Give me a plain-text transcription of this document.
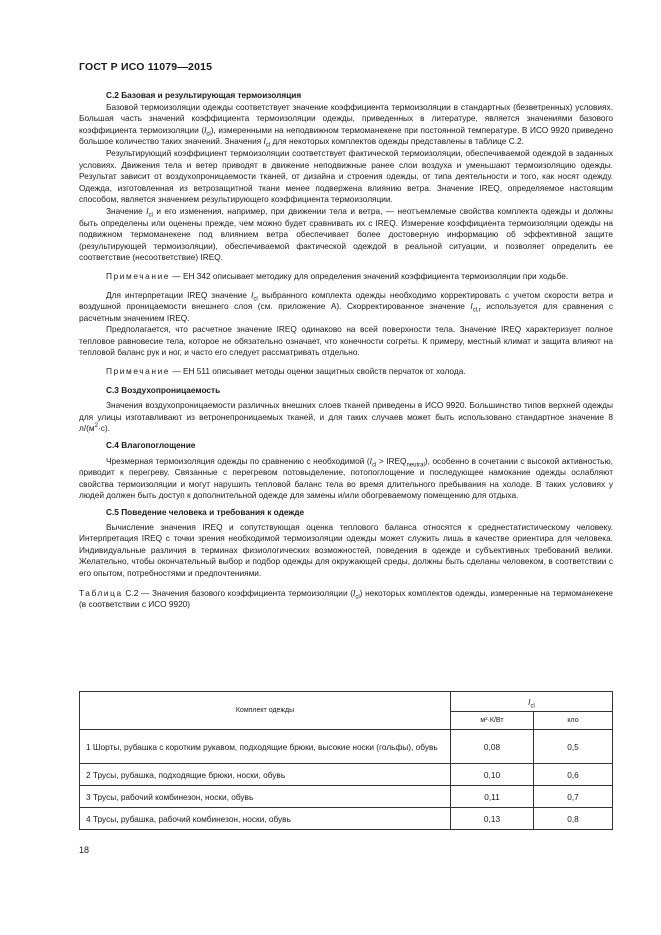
ГОСТ Р ИСО 11079—2015

С.2 Базовая и результирующая термоизоляция

Базовой термоизоляции одежды соответствует значение коэффициента термоизоляции в стандартных (безветренных) условиях. Большая часть значений коэффициента термоизоляции одежды, приведенных в литературе, является значениями базового коэффициента термоизоляции $(I_{cl})$, измеренными на неподвижном термоманекене при постоянной температуре. В ИСО 9920 приведено большое количество таких значений. Значения $I_{cl}$ для некоторых комплектов одежды представлены в таблице С.2.

Результирующий коэффициент термоизоляции соответствует фактической термоизоляции, обеспечиваемой одеждой в заданных условиях. Движения тела и ветер приводят в движение неподвижные ранее слои воздуха и уменьшают термоизоляцию одежды. Результат зависит от воздухопроницаемости тканей, от дизайна и строения одежды, от типа деятельности и того, как носят одежду. Одежда, изготовленная из ветрозащитной ткани менее подвержена влиянию ветра. Значение IREQ, определяемое настоящим способом, является значением результирующего коэффициента термоизоляции.

Значение $I_{cl}$ и его изменения, например, при движении тела и ветра, — неотъемлемые свойства комплекта одежды и должны быть определены или оценены прежде, чем можно будет сравнивать их с IREQ. Измерение коэффициента термоизоляции одежды на подвижном термоманекене под влиянием ветра обеспечивает более достоверную информацию об эффективной защите (результирующей термоизоляции), обеспечиваемой фактической одеждой в реальной ситуации, и позволяет определить ее соответствие (несоответствие) IREQ.

Примечание — ЕН 342 описывает методику для определения значений коэффициента термоизоляции при ходьбе.

Для интерпретации IREQ значение $I_{cl}$ выбранного комплекта одежды необходимо корректировать с учетом скорости ветра и воздушной проницаемости внешнего слоя (см. приложение А). Скорректированное значение $I_{cl,r}$ используется для сравнения с расчетным значением IREQ.

Предполагается, что расчетное значение IREQ одинаково на всей поверхности тела. Значение IREQ характеризует полное тепловое равновесие тела, которое не обязательно означает, что конечности согреты. К примеру, местный климат и защита влияют на тепловой баланс рук и ног, и часто его следует рассматривать отдельно.

Примечание — ЕН 511 описывает методы оценки защитных свойств перчаток от холода.

С.3 Воздухопроницаемость

Значения воздухопроницаемости различных внешних слоев тканей приведены в ИСО 9920. Большинство типов верхней одежды для улицы изготавливают из ветронепроницаемых тканей, и для таких случаев может быть использовано стандартное значение 8 $л/(м^2\cdot с)$.

С.4 Влагопоглощение

Чрезмерная термоизоляция одежды по сравнению с необходимой ($I_{cl}$ > $IREQ_{neutral}$), особенно в сочетании с высокой активностью, приводит к перегреву. Связанные с перегревом потовыделение, потопоглощение и последующее намокание одежды ослабляют свойства термоизоляции и могут нарушить тепловой баланс тела во время длительного пребывания на холоде. В таких условиях у людей должен быть доступ к дополнительной одежде для замены и/или обогреваемому помещению для отдыха.

С.5 Поведение человека и требования к одежде

Вычисление значения IREQ и сопутствующая оценка теплового баланса относятся к среднестатистическому человеку. Интерпретация IREQ с точки зрения необходимой термоизоляции одежды может служить лишь в качестве ориентира для человека. Индивидуальные различия в терминах физиологических возможностей, поведения в одежде и субъективных требований велики. Желательно, чтобы окончательный выбор и подбор одежды для окружающей среды, должны быть сделаны человеком, в соответствии с его опытом, потребностями и предпочтениями.

Таблица С.2 — Значения базового коэффициента термоизоляции $(I_{cl})$ некоторых комплектов одежды, измеренные на термоманекене (в соответствии с ИСО 9920)

Комплект одежды	$I_{cl}$
	м²·К/Вт	кло
1 Шорты, рубашка с коротким рукавом, подходящие брюки, высокие носки (гольфы), обувь	0,08	0,5
2 Трусы, рубашка, подходящие брюки, носки, обувь	0,10	0,6
3 Трусы, рабочий комбинезон, носки, обувь	0,11	0,7
4 Трусы, рубашка, рабочий комбинезон, носки, обувь	0,13	0,8
18
